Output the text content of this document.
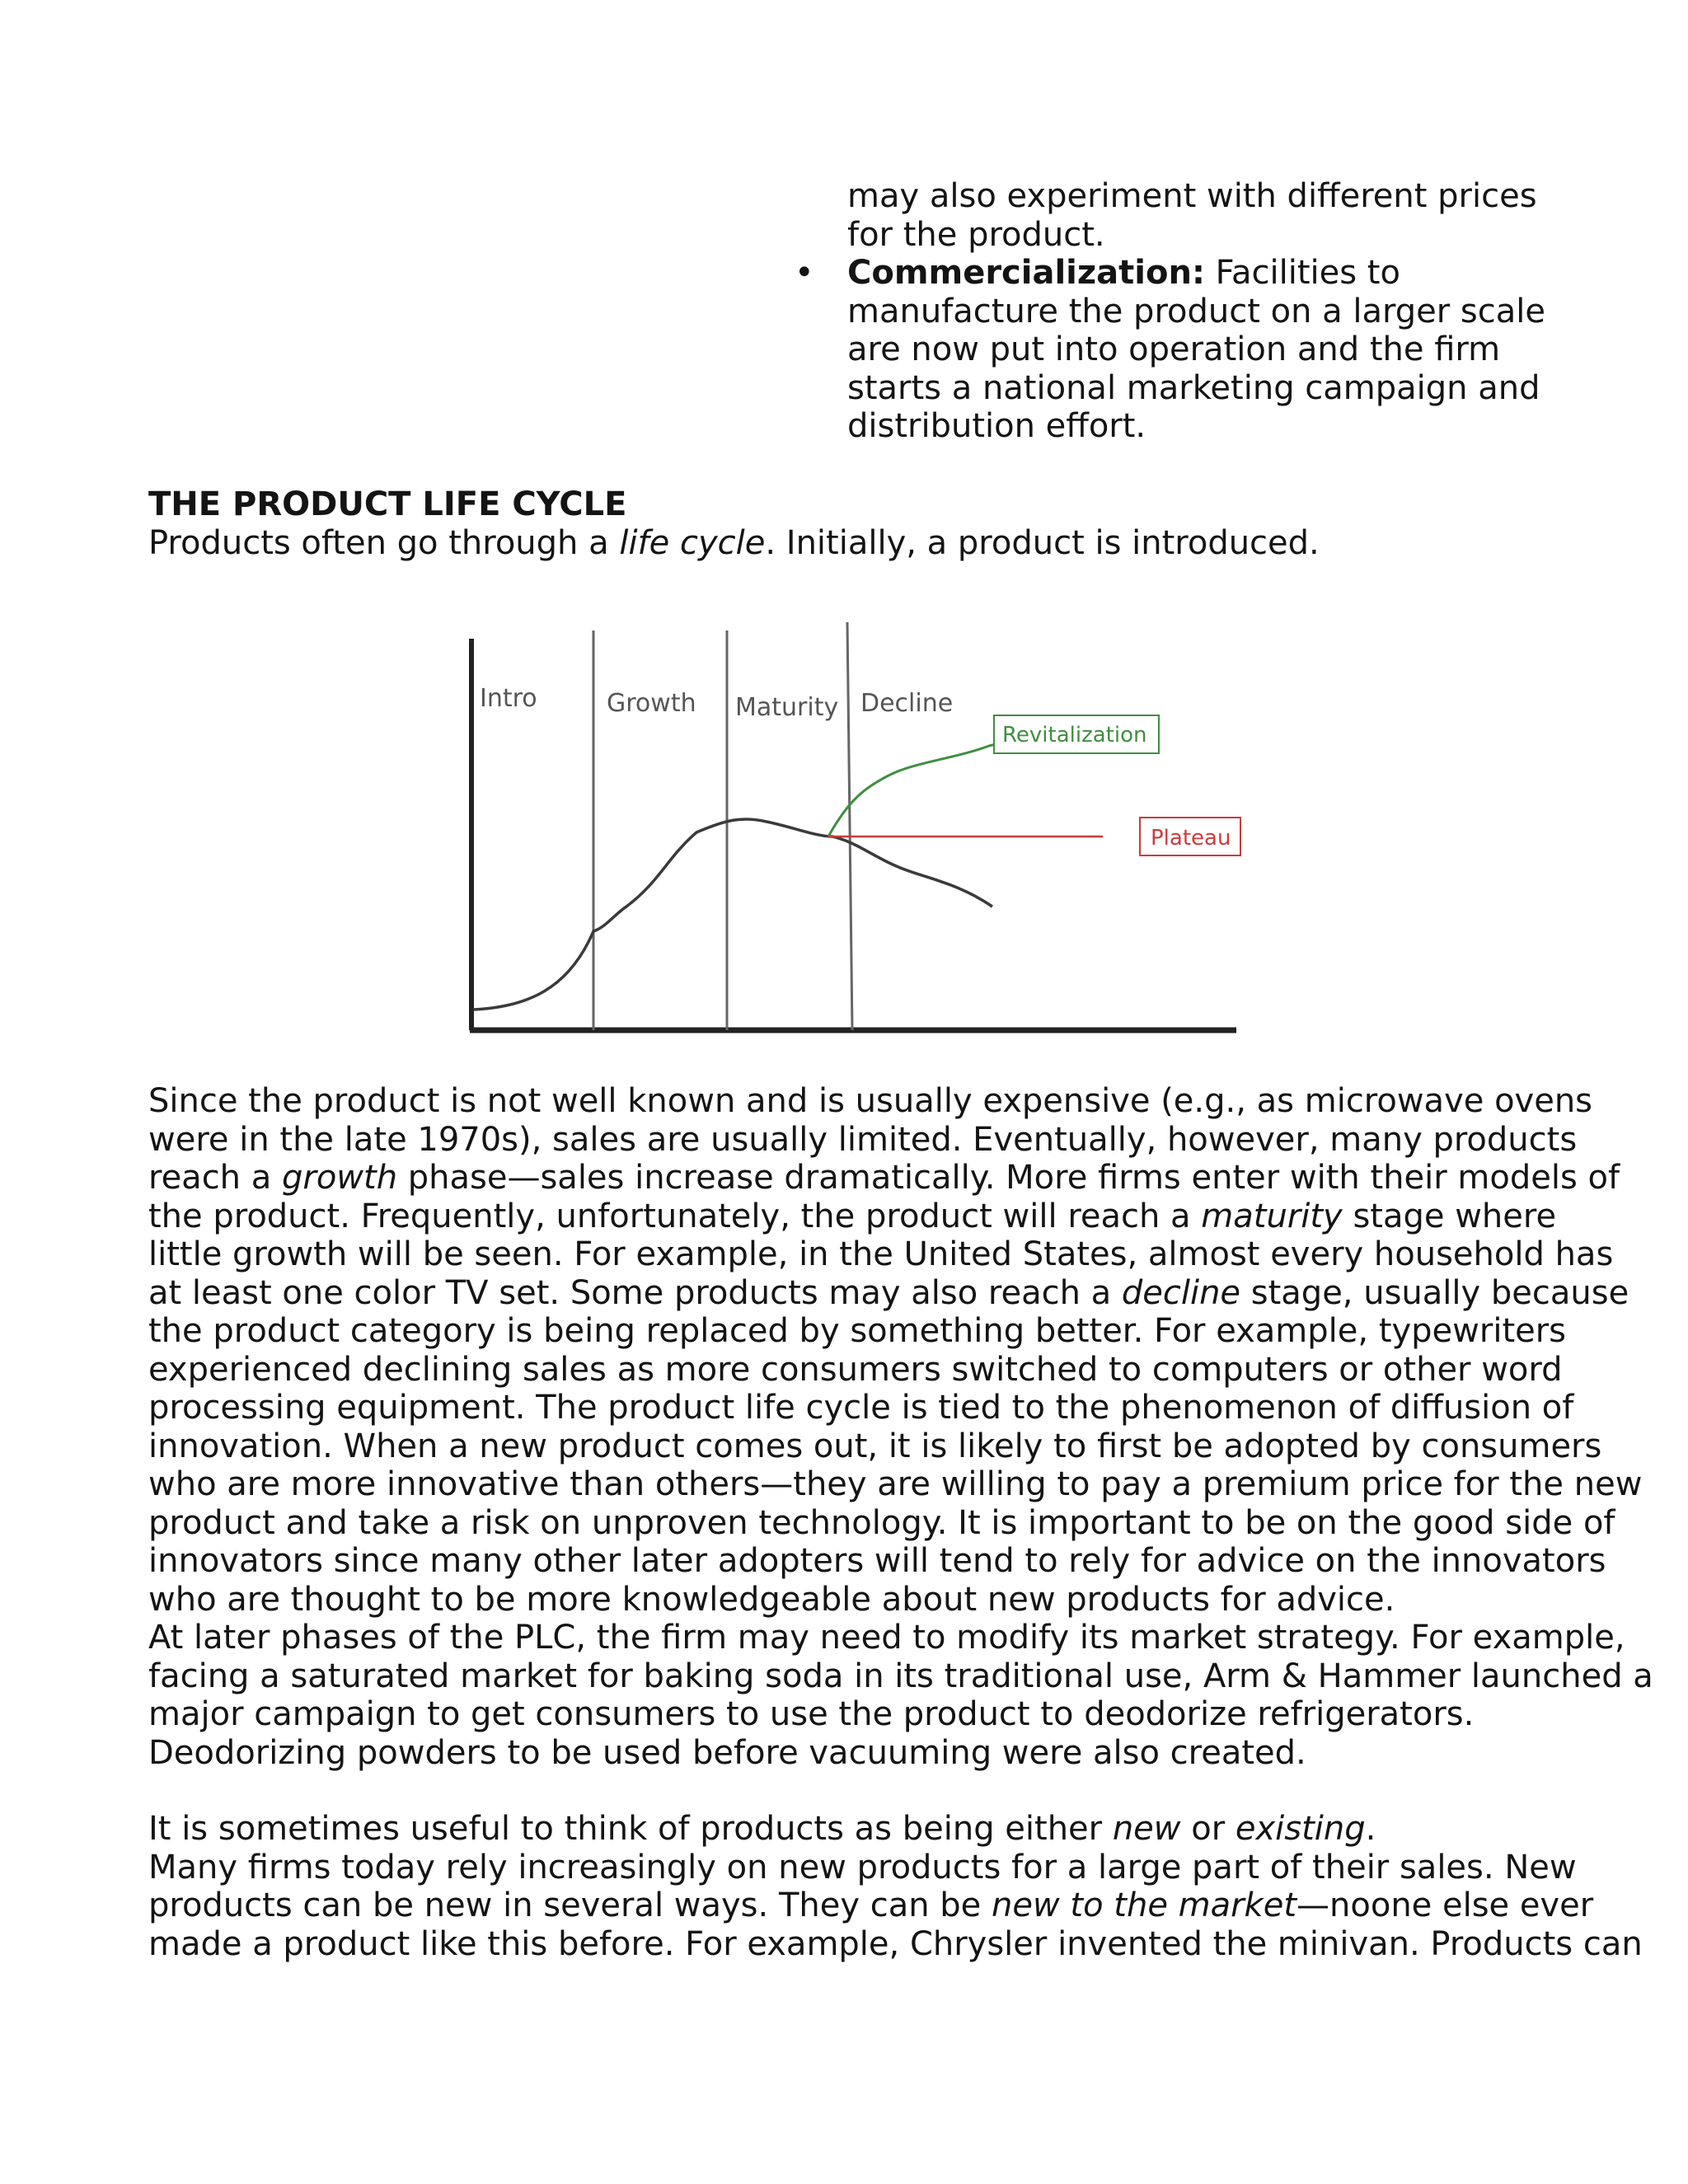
may also experiment with different prices
for the product.
• Commercialization: Facilities to
manufacture the product on a larger scale
are now put into operation and the firm
starts a national marketing campaign and
distribution effort.
THE PRODUCT LIFE CYCLE
Products often go through a life cycle. Initially, a product is introduced.
Intro	Growth Maturity Decline
Revitalization
Plateau

Since the product is not well known and is usually expensive (e.g., as microwave ovens

were in the late 1970s), sales are usually limited. Eventually, however, many products

reach a growth phase—sales increase dramatically. More firms enter with their models of

the product. Frequently, unfortunately, the product will reach a maturity stage where

little growth will be seen. For example, in the United States, almost every household has

at least one color TV set. Some products may also reach a decline stage, usually because

the product category is being replaced by something better. For example, typewriters

experienced declining sales as more consumers switched to computers or other word

processing equipment. The product life cycle is tied to the phenomenon of diffusion of

innovation. When a new product comes out, it is likely to first be adopted by consumers

who are more innovative than others—they are willing to pay a premium price for the new

product and take a risk on unproven technology. It is important to be on the good side of

innovators since many other later adopters will tend to rely for advice on the innovators

who are thought to be more knowledgeable about new products for advice.

At later phases of the PLC, the firm may need to modify its market strategy. For example,

facing a saturated market for baking soda in its traditional use, Arm & Hammer launched a

major campaign to get consumers to use the product to deodorize refrigerators.

Deodorizing powders to be used before vacuuming were also created.

It is sometimes useful to think of products as being either new or existing.

Many firms today rely increasingly on new products for a large part of their sales. New

products can be new in several ways. They can be new to the market—noone else ever

made a product like this before. For example, Chrysler invented the minivan. Products can
